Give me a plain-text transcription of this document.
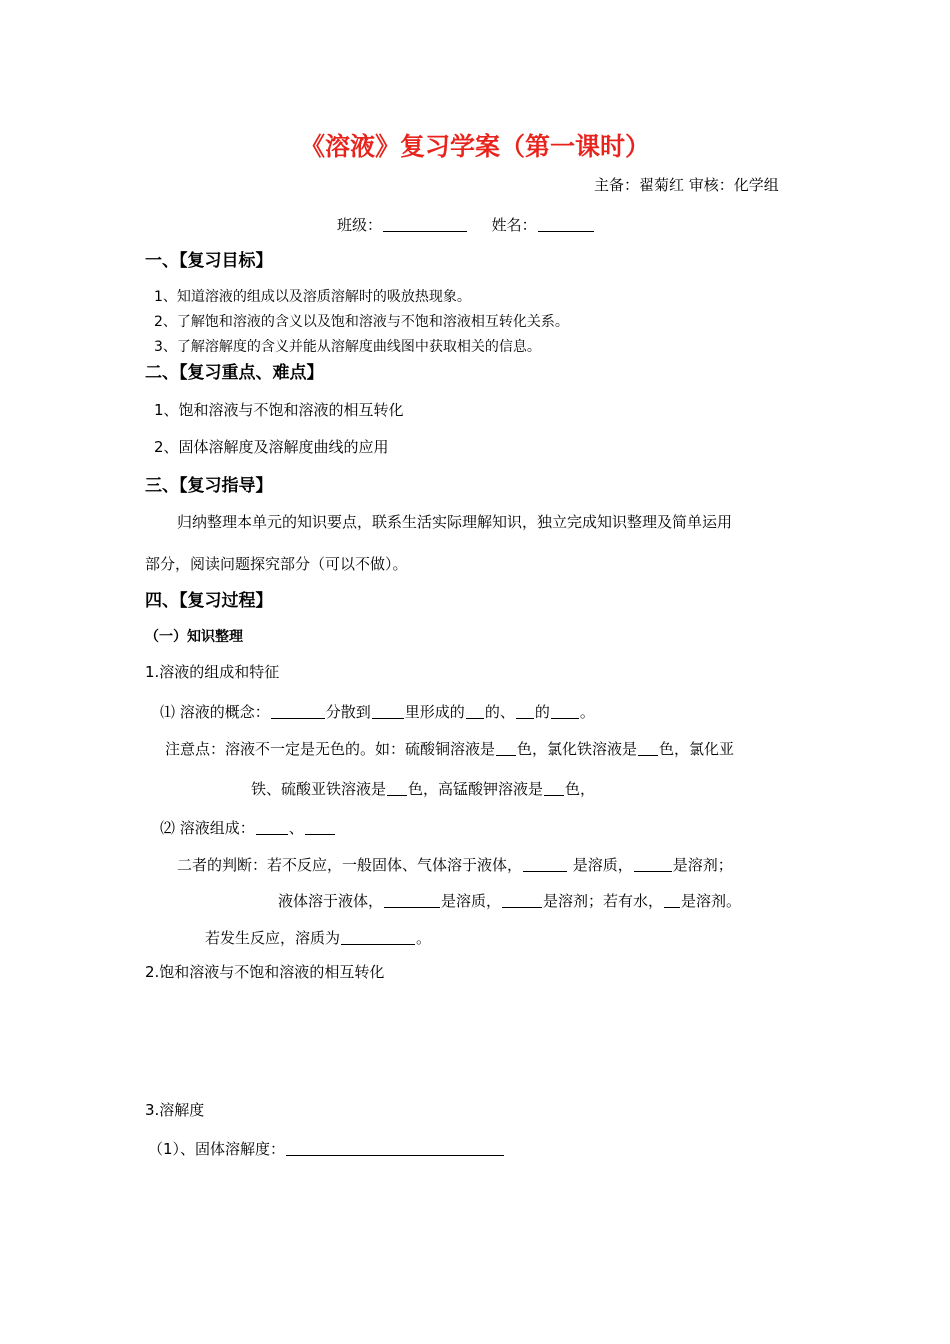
《溶液》复习学案（第一课时）
主备：翟菊红 审核：化学组
班级：	姓名：
一、【复习目标】
1、知道溶液的组成以及溶质溶解时的吸放热现象。
2、了解饱和溶液的含义以及饱和溶液与不饱和溶液相互转化关系。
3、了解溶解度的含义并能从溶解度曲线图中获取相关的信息。
二、【复习重点、难点】
1、饱和溶液与不饱和溶液的相互转化
2、固体溶解度及溶解度曲线的应用
三、【复习指导】
归纳整理本单元的知识要点，联系生活实际理解知识，独立完成知识整理及简单运用
部分，阅读问题探究部分（可以不做）。
四、【复习过程】
（一）知识整理
1.溶液的组成和特征
⑴ 溶液的概念：	分散到 里形成的 的、 的 。
注意点：溶液不一定是无色的。如：硫酸铜溶液是 色，氯化铁溶液是 色，氯化亚
铁、硫酸亚铁溶液是 色，高锰酸钾溶液是 色，
⑵ 溶液组成： 、
二者的判断：若不反应，一般固体、气体溶于液体，	是溶质，	是溶剂；
液体溶于液体，	是溶质，	是溶剂；若有水， 是溶剂。
若发生反应，溶质为	。
2.饱和溶液与不饱和溶液的相互转化
3.溶解度
（1）、固体溶解度：
